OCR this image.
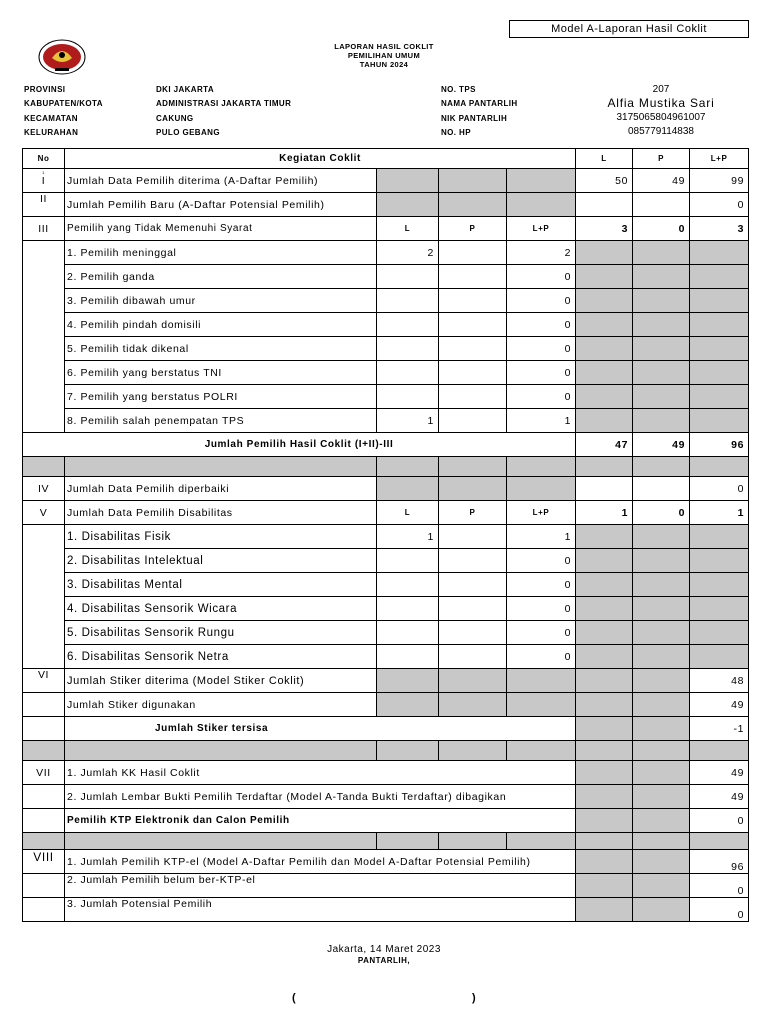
Model A-Laporan Hasil Coklit
LAPORAN HASIL COKLIT
PEMILIHAN UMUM
TAHUN 2024
PROVINSI	DKI JAKARTA
KABUPATEN/KOTA	ADMINISTRASI JAKARTA TIMUR
KECAMATAN	CAKUNG
KELURAHAN	PULO GEBANG
NO. TPS	207
NAMA PANTARLIH	Alfia Mustika Sari
NIK PANTARLIH	3175065804961007
NO. HP	085779114838
No	Kegiatan Coklit				L	P	L+P

1
I	Jumlah Data Pemilih diterima (A-Daftar Pemilih)				50	49	99
II	Jumlah Pemilih Baru (A-Daftar Potensial Pemilih)						0
III	Pemilih yang Tidak Memenuhi Syarat	L	P	L+P	3	0	3
	1. Pemilih meninggal	2		2			
	2. Pemilih ganda			0			
	3. Pemilih dibawah umur			0			
	4. Pemilih pindah domisili			0			
	5. Pemilih tidak dikenal			0			
	6. Pemilih yang berstatus TNI			0			
	7. Pemilih yang berstatus POLRI			0			
	8. Pemilih salah penempatan TPS	1		1			
Jumlah Pemilih Hasil Coklit (I+II)-III					47	49	96

IV	Jumlah Data Pemilih diperbaiki						0
V	Jumlah Data Pemilih Disabilitas	L	P	L+P	1	0	1
	1. Disabilitas Fisik	1		1			
	2. Disabilitas Intelektual			0			
	3. Disabilitas Mental			0			
	4. Disabilitas Sensorik Wicara			0			
	5. Disabilitas Sensorik Rungu			0			
	6. Disabilitas Sensorik Netra			0			
VI	Jumlah Stiker diterima (Model Stiker Coklit)						48
	Jumlah Stiker digunakan						49
	Jumlah Stiker tersisa						-1

VII	1. Jumlah KK Hasil Coklit						49
	2. Jumlah Lembar Bukti Pemilih Terdaftar (Model A-Tanda Bukti Terdaftar) dibagikan						49
	Pemilih KTP Elektronik dan Calon Pemilih						0

VIII	1. Jumlah Pemilih KTP-el (Model A-Daftar Pemilih dan Model A-Daftar Potensial Pemilih)						96
	2. Jumlah Pemilih belum ber-KTP-el						0
	3. Jumlah Potensial Pemilih						0
Jakarta, 14 Maret 2023
PANTARLIH,
(	)
